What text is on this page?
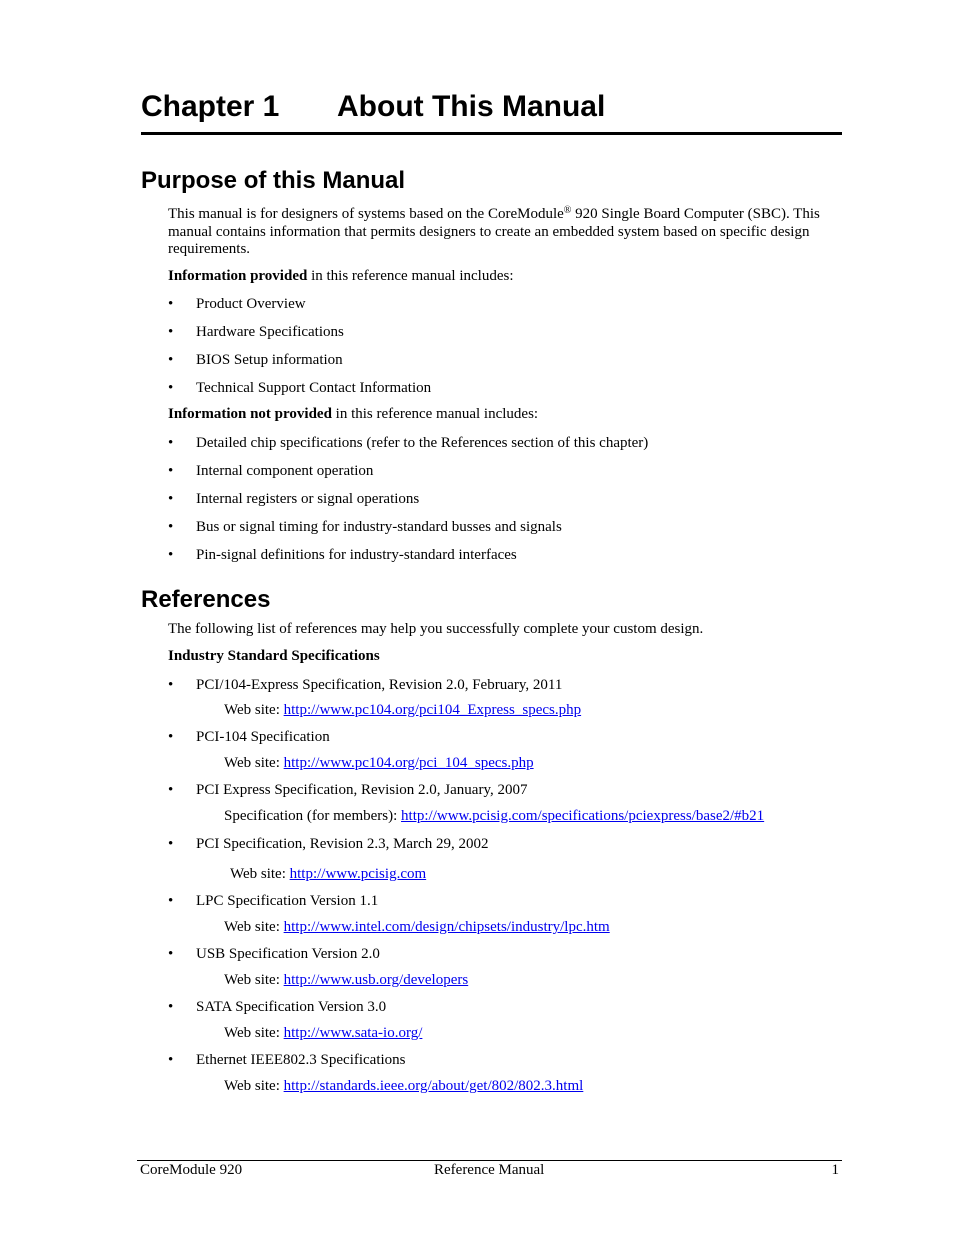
Chapter 1 About This Manual
Purpose of this Manual

This manual is for designers of systems based on the CoreModule® 920 Single Board Computer (SBC). This manual contains information that permits designers to create an embedded system based on specific design requirements.

Information provided in this reference manual includes:

• Product Overview
• Hardware Specifications
• BIOS Setup information
• Technical Support Contact Information

Information not provided in this reference manual includes:

• Detailed chip specifications (refer to the References section of this chapter)
• Internal component operation
• Internal registers or signal operations
• Bus or signal timing for industry-standard busses and signals
• Pin-signal definitions for industry-standard interfaces
References

The following list of references may help you successfully complete your custom design.

Industry Standard Specifications

• PCI/104-Express Specification, Revision 2.0, February, 2011
Web site: http://www.pc104.org/pci104_Express_specs.php
• PCI-104 Specification
Web site: http://www.pc104.org/pci_104_specs.php
• PCI Express Specification, Revision 2.0, January, 2007
Specification (for members): http://www.pcisig.com/specifications/pciexpress/base2/#b21
• PCI Specification, Revision 2.3, March 29, 2002
Web site: http://www.pcisig.com
• LPC Specification Version 1.1
Web site: http://www.intel.com/design/chipsets/industry/lpc.htm
• USB Specification Version 2.0
Web site: http://www.usb.org/developers
• SATA Specification Version 3.0
Web site: http://www.sata-io.org/
• Ethernet IEEE802.3 Specifications
Web site: http://standards.ieee.org/about/get/802/802.3.html
CoreModule 920	Reference Manual	1
